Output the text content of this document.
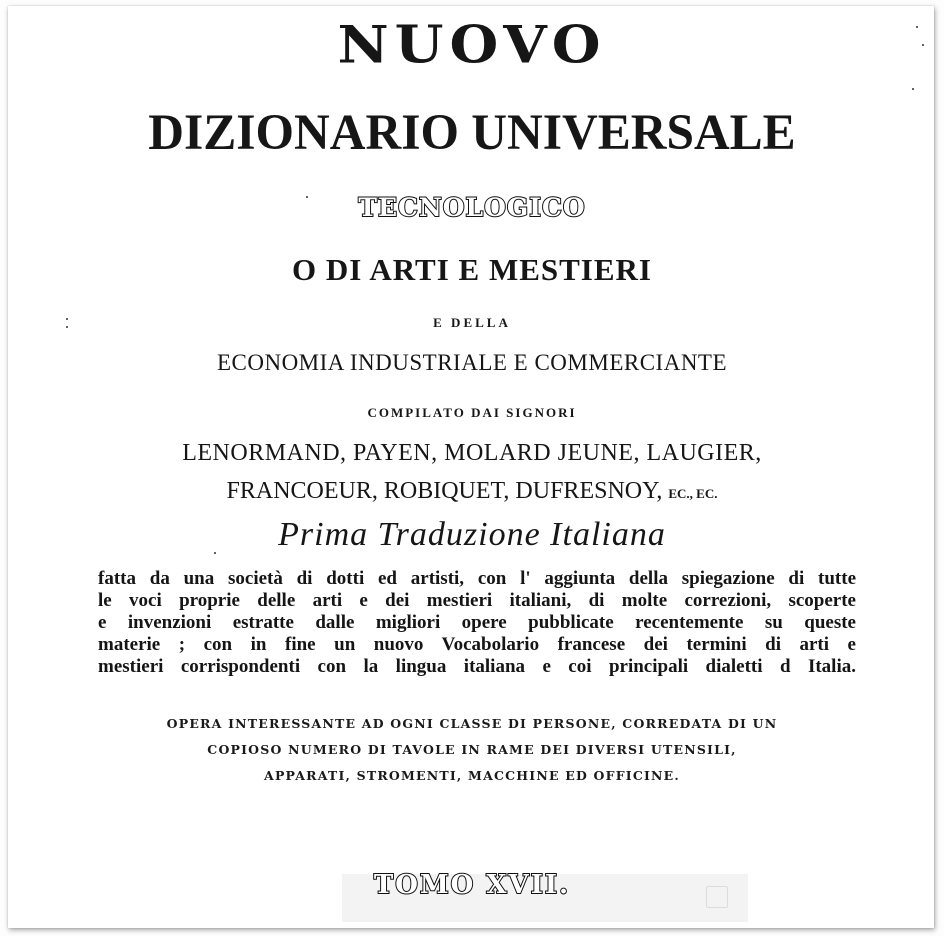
NUOVO
DIZIONARIO UNIVERSALE
TECNOLOGICO
O DI ARTI E MESTIERI
E DELLA
ECONOMIA INDUSTRIALE E COMMERCIANTE
COMPILATO DAI SIGNORI
LENORMAND, PAYEN, MOLARD JEUNE, LAUGIER,
FRANCOEUR, ROBIQUET, DUFRESNOY, EC., EC.
Prima Traduzione Italiana
fatta da una società di dotti ed artisti, con l' aggiunta della spiegazione di tutte
le voci proprie delle arti e dei mestieri italiani, di molte correzioni, scoperte
e invenzioni estratte dalle migliori opere pubblicate recentemente su queste
materie ; con in fine un nuovo Vocabolario francese dei termini di arti e
mestieri corrispondenti con la lingua italiana e coi principali dialetti d Italia.
OPERA INTERESSANTE AD OGNI CLASSE DI PERSONE, CORREDATA DI UN
COPIOSO NUMERO DI TAVOLE IN RAME DEI DIVERSI UTENSILI,
APPARATI, STROMENTI, MACCHINE ED OFFICINE.
TOMO XVII.
